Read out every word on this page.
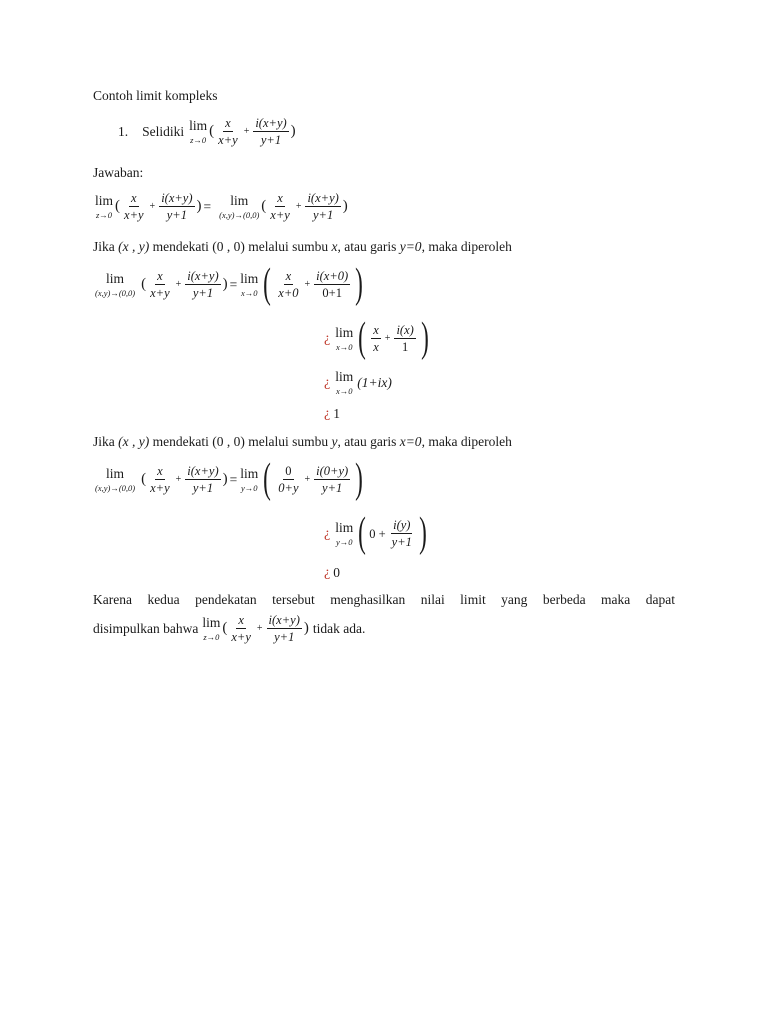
Contoh limit kompleks
1. Selidiki lim
z→0
( $\frac{x}{x+y} + \frac{i(x+y)}{y+1}$ )
Jawaban:
lim
z→0
( $\frac{x}{x+y} + \frac{i(x+y)}{y+1}$ ) = lim
(x,y)→(0,0)
( $\frac{x}{x+y} + \frac{i(x+y)}{y+1}$ )
Jika
(x , y)
mendekati
(0 , 0)
melalui sumbu
x , atau garis
y=0 , maka diperoleh
lim
(x,y)→(0,0)
( $\frac{x}{x+y} + \frac{i(x+y)}{y+1}$ ) = lim
x→0 ( $\frac{x}{x+0} + \frac{i(x+0)}{0+1}$ )
¿ lim
x→0 ( $\frac{x}{x} + \frac{i(x)}{1}$ )
¿ lim
x→0
(1+ix)
¿ 1
Jika
(x , y)
mendekati
(0 , 0)
melalui sumbu
y , atau garis
x=0 , maka diperoleh
lim
(x,y)→(0,0)
( $\frac{x}{x+y} + \frac{i(x+y)}{y+1}$ ) = lim
y→0 ( $\frac{0}{0+y} + \frac{i(0+y)}{y+1}$ )
¿ lim
y→0 ( $0 + \frac{i(y)}{y+1}$ )
¿ 0
Karena kedua pendekatan tersebut menghasilkan nilai limit yang berbeda maka dapat
disimpulkan bahwa lim
z→0
( $\frac{x}{x+y} + \frac{i(x+y)}{y+1}$ ) tidak ada.
